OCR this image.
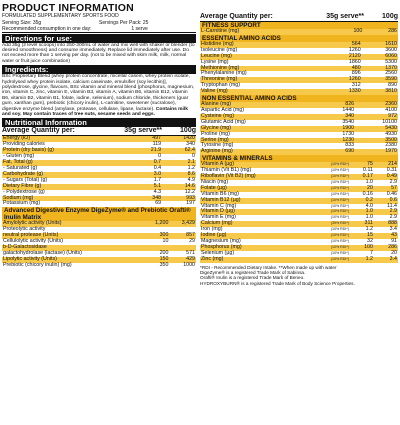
PRODUCT INFORMATION
FORMULATED SUPPLEMENTARY SPORTS FOOD
Serving Size: 35g	Servings Per Pack: 25
Recommended consumption in one day:	1 serve
Directions for use:
Add 35g (2 level scoops) into 250-300mL of water and mix well with shaker or blender (to desired smoothness) and consume immediately. Replace lid immediately after use. Do not exceed more than 1 serving per day. (not to be mixed with skim milk, milk, normal water or fruit juice combination)
Ingredients:
BSc Proprietary Blend [whey protein concentrate, micellar casein, whey protein isolate, hydrolysed whey protein isolate, calcium caseinate, emulsifier (soy lecithin)], polydextrose, glycine, flavours, BSc vitamin and mineral blend (phosphorus, magnesium, iron, vitamin C, zinc, vitamin E, vitamin B3, vitamin A, vitamin B6, vitamin B12, vitamin B6, vitamin B2, vitamin B1, folate, iodine, selenium), sodium chloride, thickeners (guar gum, xanthan gum), prebiotic (chicory inulin), L-carnitine, sweetener (sucralose), digestive enzyme blend (amylase, protease, cellulase, lipase, lactase). Contains milk and soy. May contain traces of tree nuts, sesame seeds and eggs.
Nutritional Information
Average Quantity per:	35g serve**	100g
Energy (kJ)	497	1420
Providing calories	119	340
Protein (dry basis) (g)	21.9	62.4
- Gluten (mg)	0	0
Fat, Total (g)	0.7	2.1
- Saturated (g)	0.4	1.2
Carbohydrate (g)	3.0	8.6
- Sugars (Total) (g)	1.7	4.9
Dietary Fibre (g)	5.1	14.6
- Polydextrose (g)	4.3	12.2
Sodium (mg)	348	993
Potassium (mg)	69	197
Advanced Digestive Enzyme DigeZyme® and Prebiotic Orafti® Inulin Matrix
Amylolytic activity (Units)	1,200	3,429
Proteolytic activity		
neutral protease (Units)	300	857
Cellulolytic activity (Units)	10	29
b-D-Galactosidase		
galactohydrolase (lactase) (Units)	200	571
Lipolytic activity (Units)	150	429
Prebiotic (chicory inulin) (mg)	350	1000
Average Quantity per:	35g serve**	100g
FITNESS SUPPORT
L-Carnitine (mg)	100	286
ESSENTIAL AMINO ACIDS
Histidine (mg)	564	1610
Isoleucine (mg)	1260	3600
Leucine (mg)	2120	6060
Lysine (mg)	1860	5300
Methionine (mg)	480	1370
Phenylalanine (mg)	896	2560
Threonine (mg)	1260	3590
Tryptophan (mg)	312	890
Valine (mg)	1330	3810
NON ESSENTIAL AMINO ACIDS
Alanine (mg)	826	2360
Aspartic Acid (mg)	1440	4100
Cysteine (mg)	340	972
Glutamic Acid (mg)	3540	10100
Glycine (mg)	1900	5430
Proline (mg)	1730	4930
Serine (mg)	1230	3500
Tyrosine (mg)	833	2380
Arginine (mg)	690	1970
VITAMINS & MINERALS
Vitamin A (µg)	(10% RDI*)	75	214
Thiamin (Vit B1) (mg)	(10% RDI*)	0.11	0.31
Riboflavin (Vit B2) (mg)	(10% RDI*)	0.17	0.49
Niacin (mg)	(10% RDI*)	1.0	2.9
Folate (µg)	(10% RDI*)	20	57
Vitamin B6 (mg)	(10% RDI*)	0.16	0.46
Vitamin B12 (µg)	(10% RDI*)	0.2	0.6
Vitamin C (mg)	(10% RDI*)	4.0	11.4
Vitamin D (µg)	(10% RDI*)	1.0	2.9
Vitamin E (mg)	(10% RDI*)	1.0	2.9
Calcium (mg)	(39% RDI*)	311	888
Iron (mg)	(10% RDI*)	1.2	3.4
Iodine (µg)	(10% RDI*)	15	43
Magnesium (mg)	(10% RDI*)	32	91
Phosphorus (mg)	(10% RDI*)	100	286
Selenium (µg)	(10% RDI*)	7	20
Zinc (mg)	(10% RDI*)	1.2	3.4
*RDI - Recommended Dietary Intake. **When made up with water
DigeZyme® is a registered Trade Mark of Sabinsa.
Orafti® Inulin is a registered Trade Mark of Beneo.
HYDROXYBURN® is a registered Trade Mark of Body Science Properties.
